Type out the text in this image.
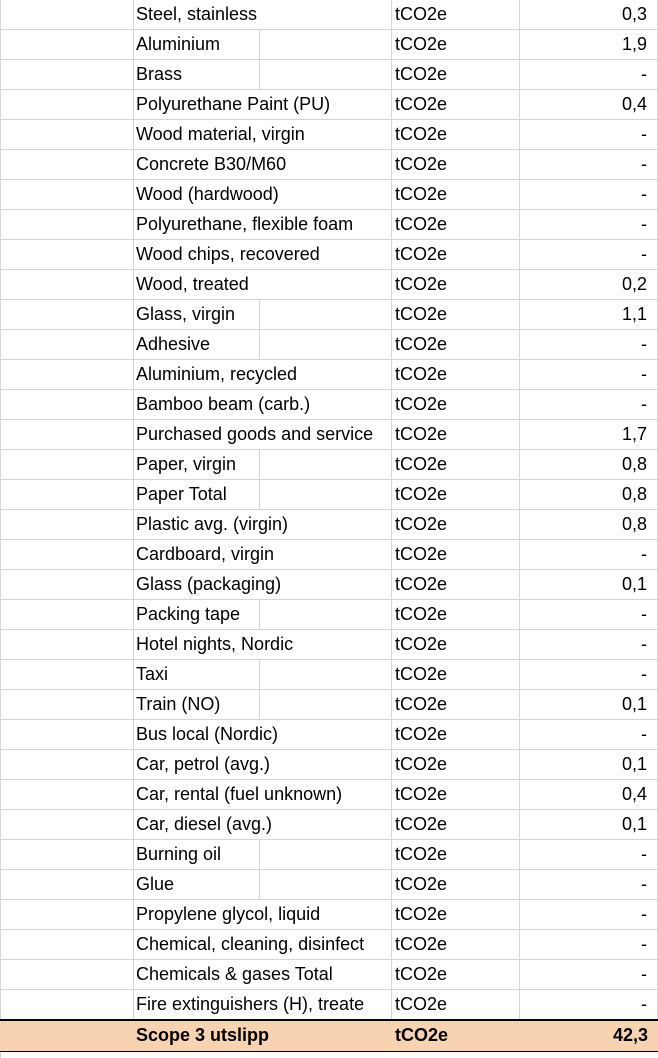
Steel, stainless	tCO2e	0,3
Aluminium	tCO2e	1,9
Brass	tCO2e	-
Polyurethane Paint (PU)	tCO2e	0,4
Wood material, virgin	tCO2e	-
Concrete B30/M60	tCO2e	-
Wood (hardwood)	tCO2e	-
Polyurethane, flexible foam	tCO2e	-
Wood chips, recovered	tCO2e	-
Wood, treated	tCO2e	0,2
Glass, virgin	tCO2e	1,1
Adhesive	tCO2e	-
Aluminium, recycled	tCO2e	-
Bamboo beam (carb.)	tCO2e	-
Purchased goods and service	tCO2e	1,7
Paper, virgin	tCO2e	0,8
Paper Total	tCO2e	0,8
Plastic avg. (virgin)	tCO2e	0,8
Cardboard, virgin	tCO2e	-
Glass (packaging)	tCO2e	0,1
Packing tape	tCO2e	-
Hotel nights, Nordic	tCO2e	-
Taxi	tCO2e	-
Train (NO)	tCO2e	0,1
Bus local (Nordic)	tCO2e	-
Car, petrol (avg.)	tCO2e	0,1
Car, rental (fuel unknown)	tCO2e	0,4
Car, diesel (avg.)	tCO2e	0,1
Burning oil	tCO2e	-
Glue	tCO2e	-
Propylene glycol, liquid	tCO2e	-
Chemical, cleaning, disinfect	tCO2e	-
Chemicals & gases Total	tCO2e	-
Fire extinguishers (H), treate	tCO2e	-
Scope 3 utslipp	tCO2e	42,3
